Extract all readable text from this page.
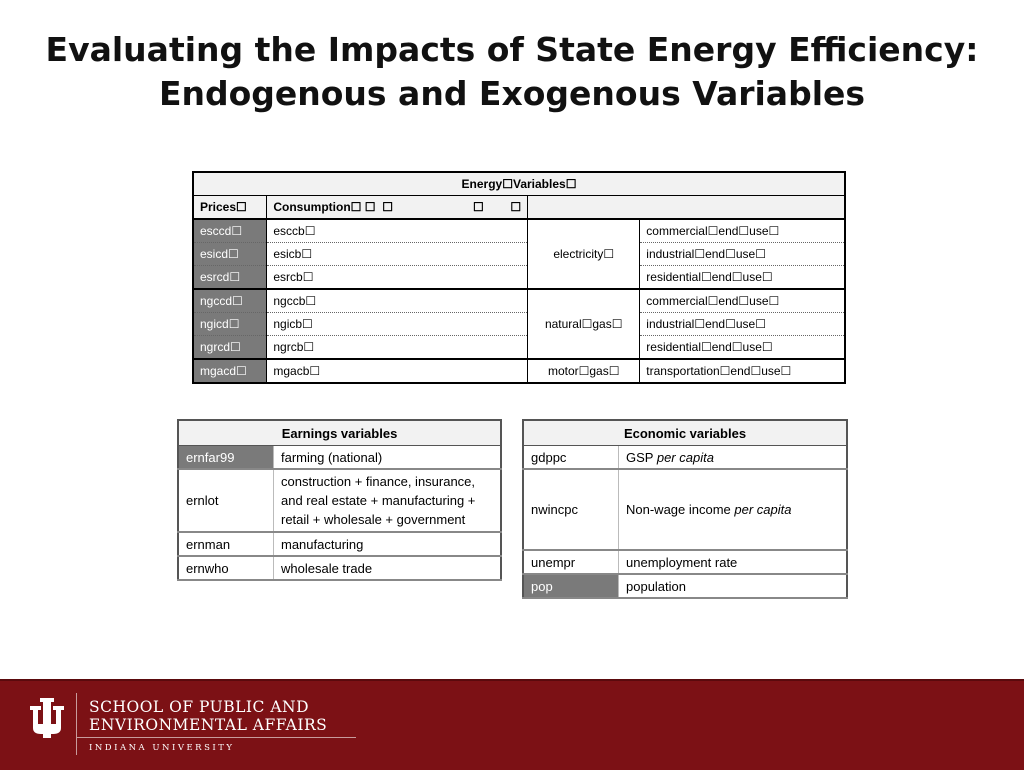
Evaluating the Impacts of State Energy Efficiency:
Endogenous and Exogenous Variables
Energy☐Variables☐			
Prices☐	Consumption☐ ☐  ☐                        ☐        ☐		
esccd☐	esccb☐	electricity☐	commercial☐end☐use☐
esicd☐	esicb☐		industrial☐end☐use☐
esrcd☐	esrcb☐		residential☐end☐use☐
ngccd☐	ngccb☐	natural☐gas☐	commercial☐end☐use☐
ngicd☐	ngicb☐		industrial☐end☐use☐
ngrcd☐	ngrcb☐		residential☐end☐use☐
mgacd☐	mgacb☐	motor☐gas☐	transportation☐end☐use☐
Earnings variables	
ernfar99	farming (national)
ernlot	construction + finance, insurance, and real estate + manufacturing + retail + wholesale + government
ernman	manufacturing
ernwho	wholesale trade
Economic variables	
gdppc	GSP per capita
nwincpc	Non-wage income per capita
unempr	unemployment rate
pop	population
SCHOOL OF PUBLIC AND
ENVIRONMENTAL AFFAIRS
INDIANA UNIVERSITY
